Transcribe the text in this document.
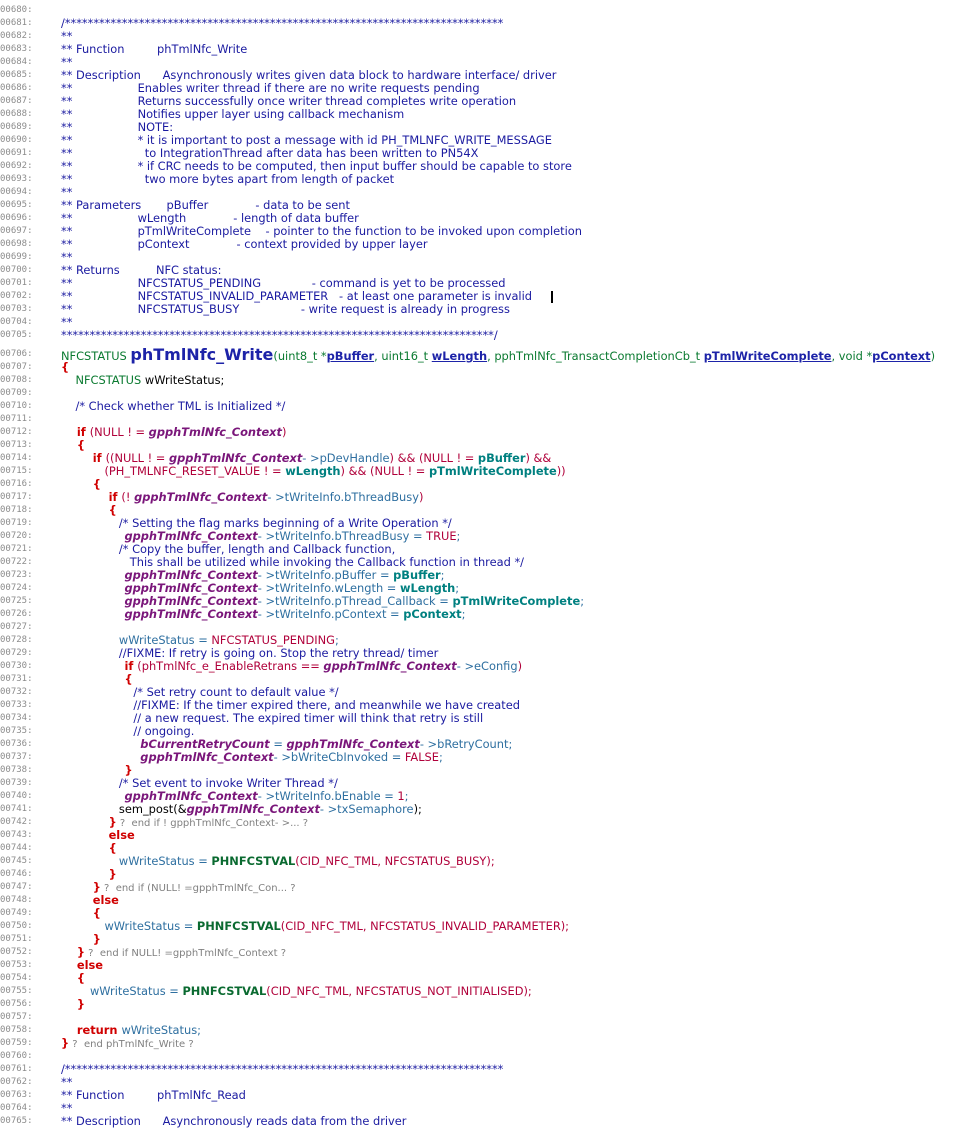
00680:
00681:	/*****************************************************************************
00682:	**
00683:	** Function         phTmlNfc_Write
00684:	**
00685:	** Description      Asynchronously writes given data block to hardware interface/ driver
00686:	**                  Enables writer thread if there are no write requests pending
00687:	**                  Returns successfully once writer thread completes write operation
00688:	**                  Notifies upper layer using callback mechanism
00689:	**                  NOTE:
00690:	**                  * it is important to post a message with id PH_TMLNFC_WRITE_MESSAGE
00691:	**                    to IntegrationThread after data has been written to PN54X
00692:	**                  * if CRC needs to be computed, then input buffer should be capable to store
00693:	**                    two more bytes apart from length of packet
00694:	**
00695:	** Parameters       pBuffer             - data to be sent
00696:	**                  wLength             - length of data buffer
00697:	**                  pTmlWriteComplete    - pointer to the function to be invoked upon completion
00698:	**                  pContext             - context provided by upper layer
00699:	**
00700:	** Returns          NFC status:
00701:	**                  NFCSTATUS_PENDING              - command is yet to be processed
00702:	**                  NFCSTATUS_INVALID_PARAMETER   - at least one parameter is invalid
00703:	**                  NFCSTATUS_BUSY                 - write request is already in progress
00704:	**
00705:	****************************************************************************/
00706:	NFCSTATUS phTmlNfc_Write(uint8_t *pBuffer, uint16_t wLength, pphTmlNfc_TransactCompletionCb_t pTmlWriteComplete, void *pContext)
00707:	{
00708:	NFCSTATUS wWriteStatus;
00709:
00710:	/* Check whether TML is Initialized */
00711:
00712:	if (NULL ! = gpphTmlNfc_Context)
00713:	{
00714:	if ((NULL ! = gpphTmlNfc_Context- >pDevHandle) && (NULL ! = pBuffer) &&
00715:	(PH_TMLNFC_RESET_VALUE ! = wLength) && (NULL ! = pTmlWriteComplete))
00716:	{
00717:	if (! gpphTmlNfc_Context- >tWriteInfo.bThreadBusy)
00718:	{
00719:	/* Setting the flag marks beginning of a Write Operation */
00720:	gpphTmlNfc_Context- >tWriteInfo.bThreadBusy = TRUE;
00721:	/* Copy the buffer, length and Callback function,
00722:	This shall be utilized while invoking the Callback function in thread */
00723:	gpphTmlNfc_Context- >tWriteInfo.pBuffer = pBuffer;
00724:	gpphTmlNfc_Context- >tWriteInfo.wLength = wLength;
00725:	gpphTmlNfc_Context- >tWriteInfo.pThread_Callback = pTmlWriteComplete;
00726:	gpphTmlNfc_Context- >tWriteInfo.pContext = pContext;
00727:
00728:	wWriteStatus = NFCSTATUS_PENDING;
00729:	//FIXME: If retry is going on. Stop the retry thread/ timer
00730:	if (phTmlNfc_e_EnableRetrans == gpphTmlNfc_Context- >eConfig)
00731:	{
00732:	/* Set retry count to default value */
00733:	//FIXME: If the timer expired there, and meanwhile we have created
00734:	// a new request. The expired timer will think that retry is still
00735:	// ongoing.
00736:	bCurrentRetryCount = gpphTmlNfc_Context- >bRetryCount;
00737:	gpphTmlNfc_Context- >bWriteCbInvoked = FALSE;
00738:	}
00739:	/* Set event to invoke Writer Thread */
00740:	gpphTmlNfc_Context- >tWriteInfo.bEnable = 1;
00741:	sem_post(&gpphTmlNfc_Context- >txSemaphore);
00742:	} ?  end if ! gpphTmlNfc_Context- >... ?
00743:	else
00744:	{
00745:	wWriteStatus = PHNFCSTVAL(CID_NFC_TML, NFCSTATUS_BUSY);
00746:	}
00747:	} ?  end if (NULL! =gpphTmlNfc_Con... ?
00748:	else
00749:	{
00750:	wWriteStatus = PHNFCSTVAL(CID_NFC_TML, NFCSTATUS_INVALID_PARAMETER);
00751:	}
00752:	} ?  end if NULL! =gpphTmlNfc_Context ?
00753:	else
00754:	{
00755:	wWriteStatus = PHNFCSTVAL(CID_NFC_TML, NFCSTATUS_NOT_INITIALISED);
00756:	}
00757:
00758:	return wWriteStatus;
00759:	} ?  end phTmlNfc_Write ?
00760:
00761:	/*****************************************************************************
00762:	**
00763:	** Function         phTmlNfc_Read
00764:	**
00765:	** Description      Asynchronously reads data from the driver
